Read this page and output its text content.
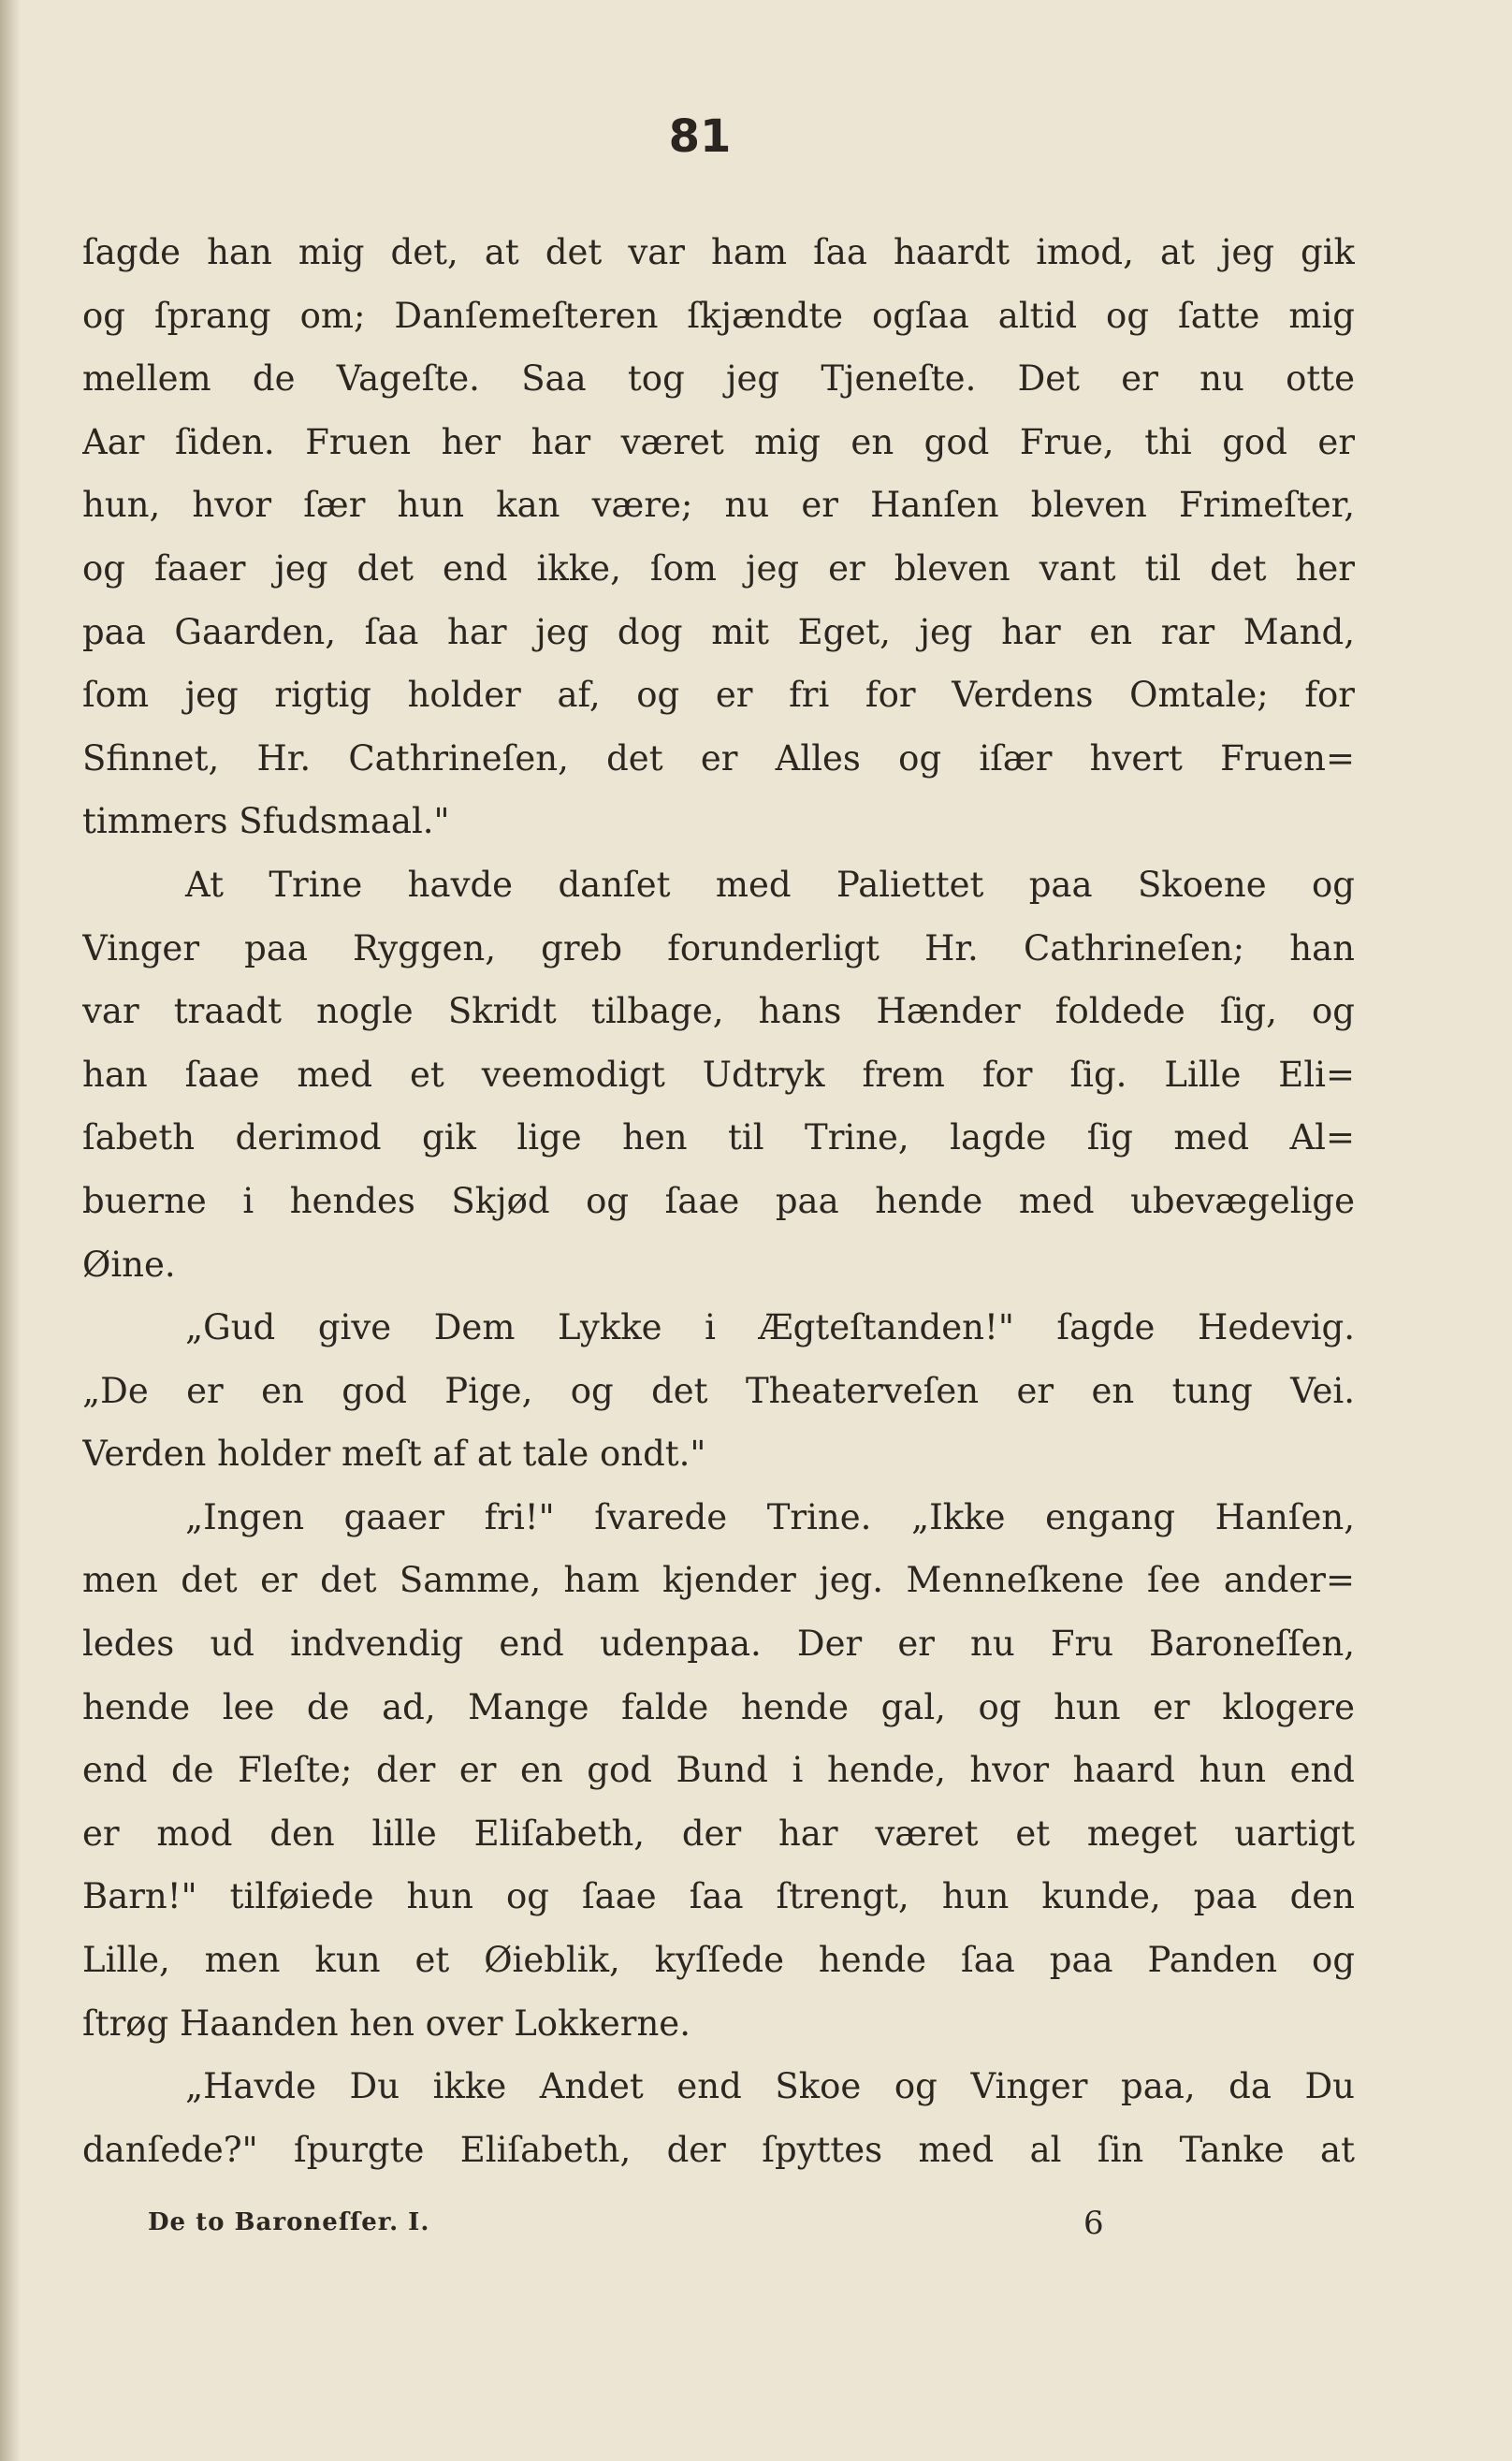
81
ſagde han mig det, at det var ham ſaa haardt imod, at jeg gik
og ſprang om; Danſemeſteren ſkjændte ogſaa altid og ſatte mig
mellem de Vageſte. Saa tog jeg Tjeneſte. Det er nu otte
Aar ſiden. Fruen her har været mig en god Frue, thi god er
hun, hvor ſær hun kan være; nu er Hanſen bleven Frimeſter,
og faaer jeg det end ikke, ſom jeg er bleven vant til det her
paa Gaarden, ſaa har jeg dog mit Eget, jeg har en rar Mand,
ſom jeg rigtig holder af, og er fri for Verdens Omtale; for
Sfinnet, Hr. Cathrineſen, det er Alles og iſær hvert Fruen=
timmers Sfudsmaal."
At Trine havde danſet med Paliettet paa Skoene og
Vinger paa Ryggen, greb forunderligt Hr. Cathrineſen; han
var traadt nogle Skridt tilbage, hans Hænder foldede ſig, og
han ſaae med et veemodigt Udtryk frem for ſig. Lille Eli=
ſabeth derimod gik lige hen til Trine, lagde ſig med Al=
buerne i hendes Skjød og ſaae paa hende med ubevægelige
Øine.
„Gud give Dem Lykke i Ægteſtanden!" ſagde Hedevig.
„De er en god Pige, og det Theaterveſen er en tung Vei.
Verden holder meſt af at tale ondt."
„Ingen gaaer fri!" ſvarede Trine. „Ikke engang Hanſen,
men det er det Samme, ham kjender jeg. Menneſkene ſee ander=
ledes ud indvendig end udenpaa. Der er nu Fru Baroneſſen,
hende lee de ad, Mange falde hende gal, og hun er klogere
end de Fleſte; der er en god Bund i hende, hvor haard hun end
er mod den lille Eliſabeth, der har været et meget uartigt
Barn!" tilføiede hun og ſaae ſaa ſtrengt, hun kunde, paa den
Lille, men kun et Øieblik, kyſſede hende ſaa paa Panden og
ſtrøg Haanden hen over Lokkerne.
„Havde Du ikke Andet end Skoe og Vinger paa, da Du
danſede?" ſpurgte Eliſabeth, der ſpyttes med al ſin Tanke at
De to Baroneſſer. I.	6
